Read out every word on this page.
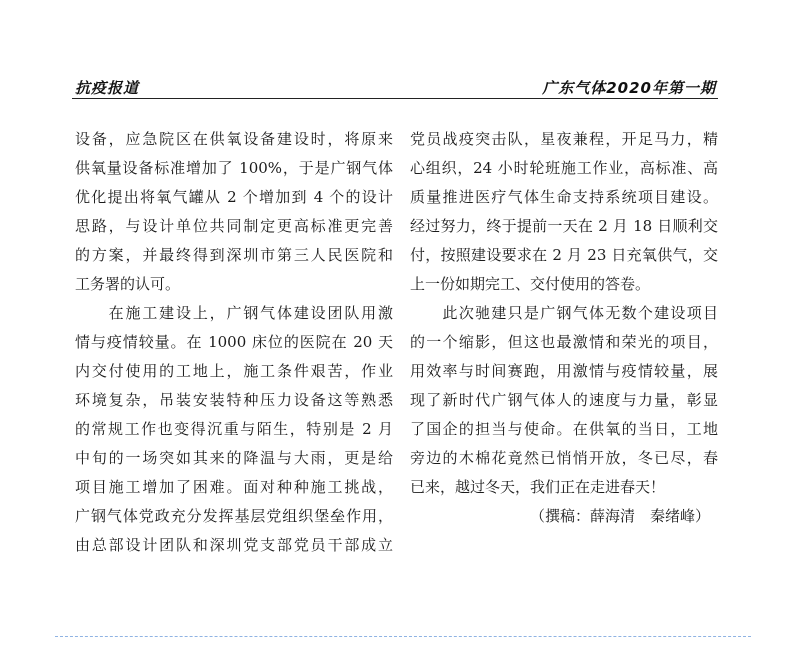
抗疫报道	广东气体2020年第一期
设备，应急院区在供氧设备建设时，将原来
供氧量设备标准增加了 100%，于是广钢气体
优化提出将氧气罐从 2 个增加到 4 个的设计
思路，与设计单位共同制定更高标准更完善
的方案，并最终得到深圳市第三人民医院和
工务署的认可。
　　在施工建设上，广钢气体建设团队用激
情与疫情较量。在 1000 床位的医院在 20 天
内交付使用的工地上，施工条件艰苦，作业
环境复杂，吊装安装特种压力设备这等熟悉
的常规工作也变得沉重与陌生，特别是 2 月
中旬的一场突如其来的降温与大雨，更是给
项目施工增加了困难。面对种种施工挑战，
广钢气体党政充分发挥基层党组织堡垒作用，
由总部设计团队和深圳党支部党员干部成立
党员战疫突击队，星夜兼程，开足马力，精
心组织，24 小时轮班施工作业，高标准、高
质量推进医疗气体生命支持系统项目建设。
经过努力，终于提前一天在 2 月 18 日顺利交
付，按照建设要求在 2 月 23 日充氧供气，交
上一份如期完工、交付使用的答卷。
　　此次驰建只是广钢气体无数个建设项目
的一个缩影，但这也最激情和荣光的项目，
用效率与时间赛跑，用激情与疫情较量，展
现了新时代广钢气体人的速度与力量，彰显
了国企的担当与使命。在供氧的当日，工地
旁边的木棉花竟然已悄悄开放，冬已尽，春
已来，越过冬天，我们正在走进春天！
（撰稿：薛海清　秦绪峰）
